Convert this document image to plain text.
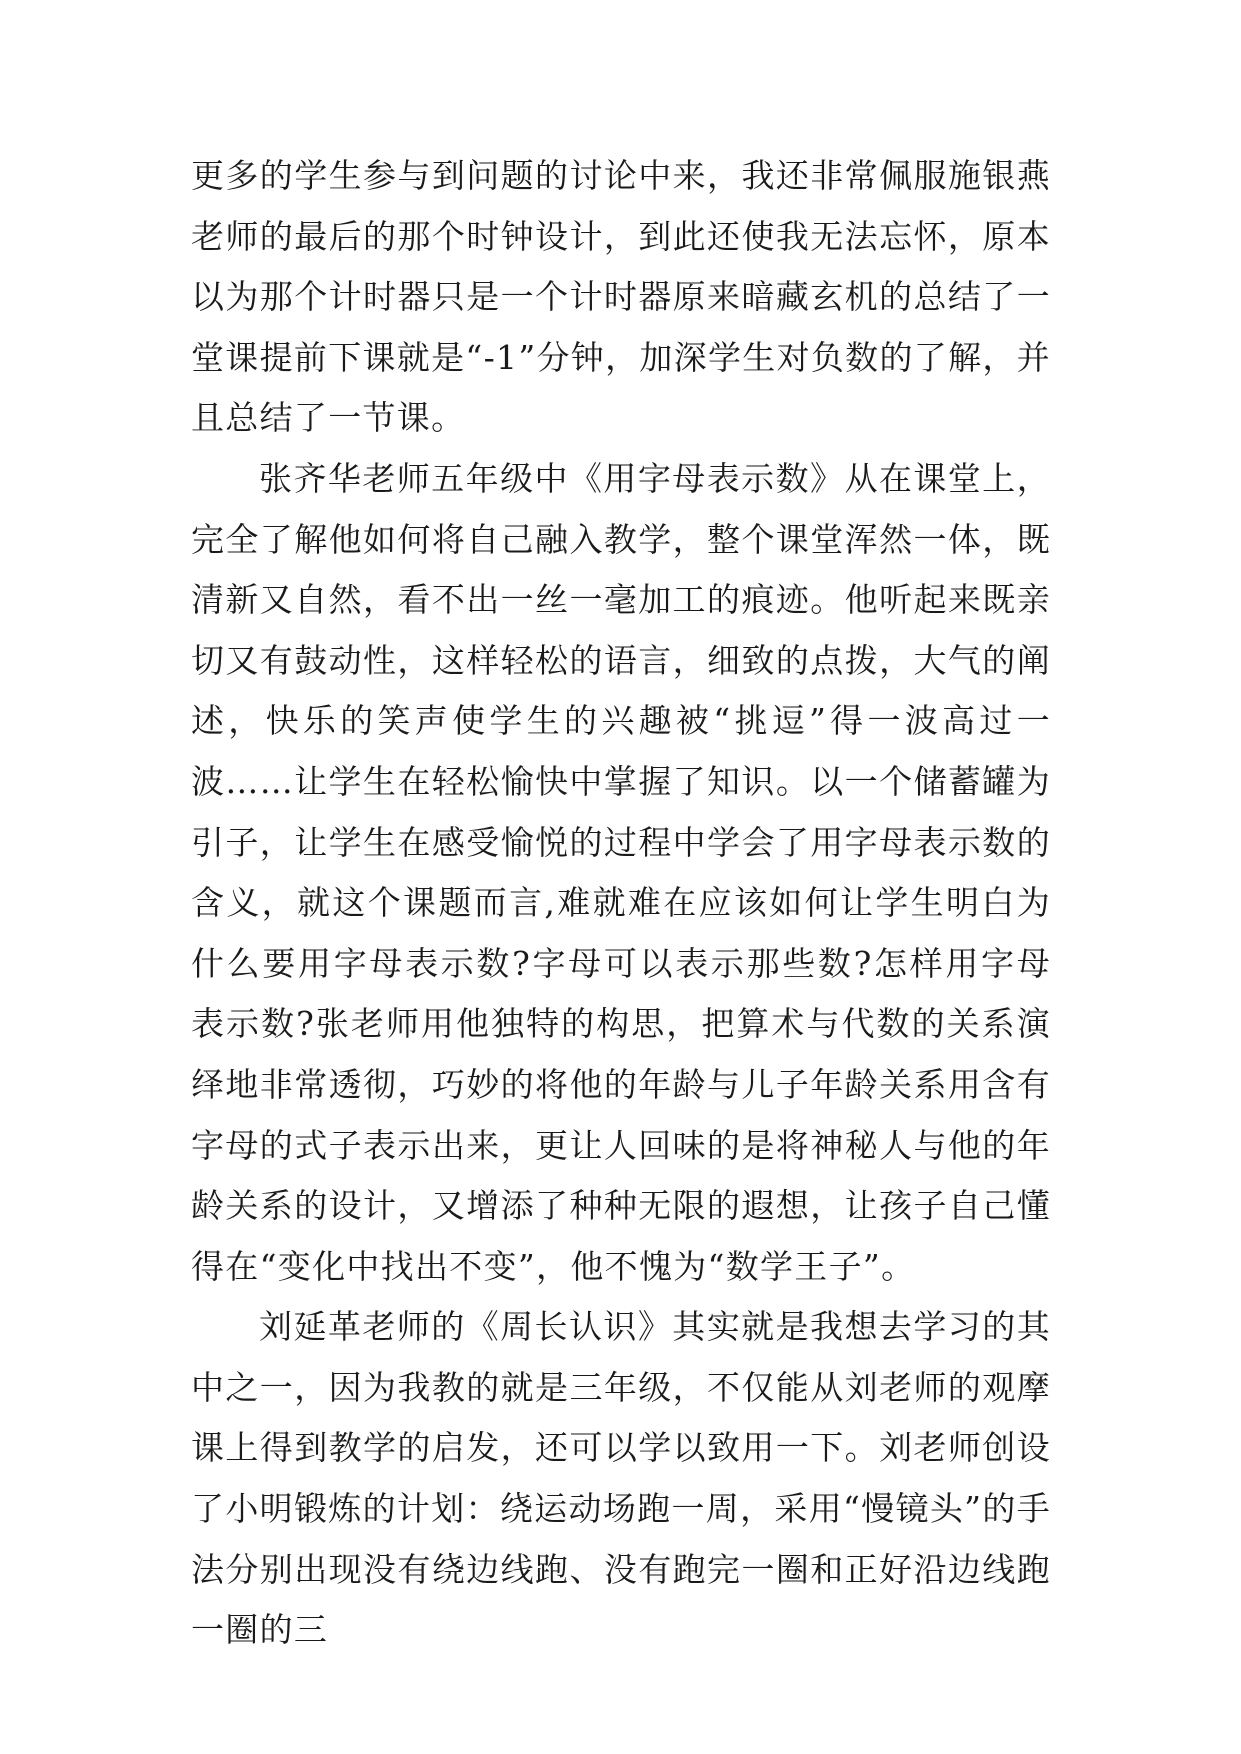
更多的学生参与到问题的讨论中来，我还非常佩服施银燕老师的最后的那个时钟设计，到此还使我无法忘怀，原本以为那个计时器只是一个计时器原来暗藏玄机的总结了一堂课提前下课就是“-1”分钟，加深学生对负数的了解，并且总结了一节课。

张齐华老师五年级中《用字母表示数》从在课堂上，完全了解他如何将自己融入教学，整个课堂浑然一体，既清新又自然，看不出一丝一毫加工的痕迹。他听起来既亲切又有鼓动性，这样轻松的语言，细致的点拨，大气的阐述，快乐的笑声使学生的兴趣被“挑逗”得一波高过一波……让学生在轻松愉快中掌握了知识。以一个储蓄罐为引子，让学生在感受愉悦的过程中学会了用字母表示数的含义，就这个课题而言,难就难在应该如何让学生明白为什么要用字母表示数?字母可以表示那些数?怎样用字母表示数?张老师用他独特的构思，把算术与代数的关系演绎地非常透彻，巧妙的将他的年龄与儿子年龄关系用含有字母的式子表示出来，更让人回味的是将神秘人与他的年龄关系的设计，又增添了种种无限的遐想，让孩子自己懂得在“变化中找出不变”，他不愧为“数学王子”。

刘延革老师的《周长认识》其实就是我想去学习的其中之一，因为我教的就是三年级，不仅能从刘老师的观摩课上得到教学的启发，还可以学以致用一下。刘老师创设了小明锻炼的计划：绕运动场跑一周，采用“慢镜头”的手法分别出现没有绕边线跑、没有跑完一圈和正好沿边线跑一圈的三
